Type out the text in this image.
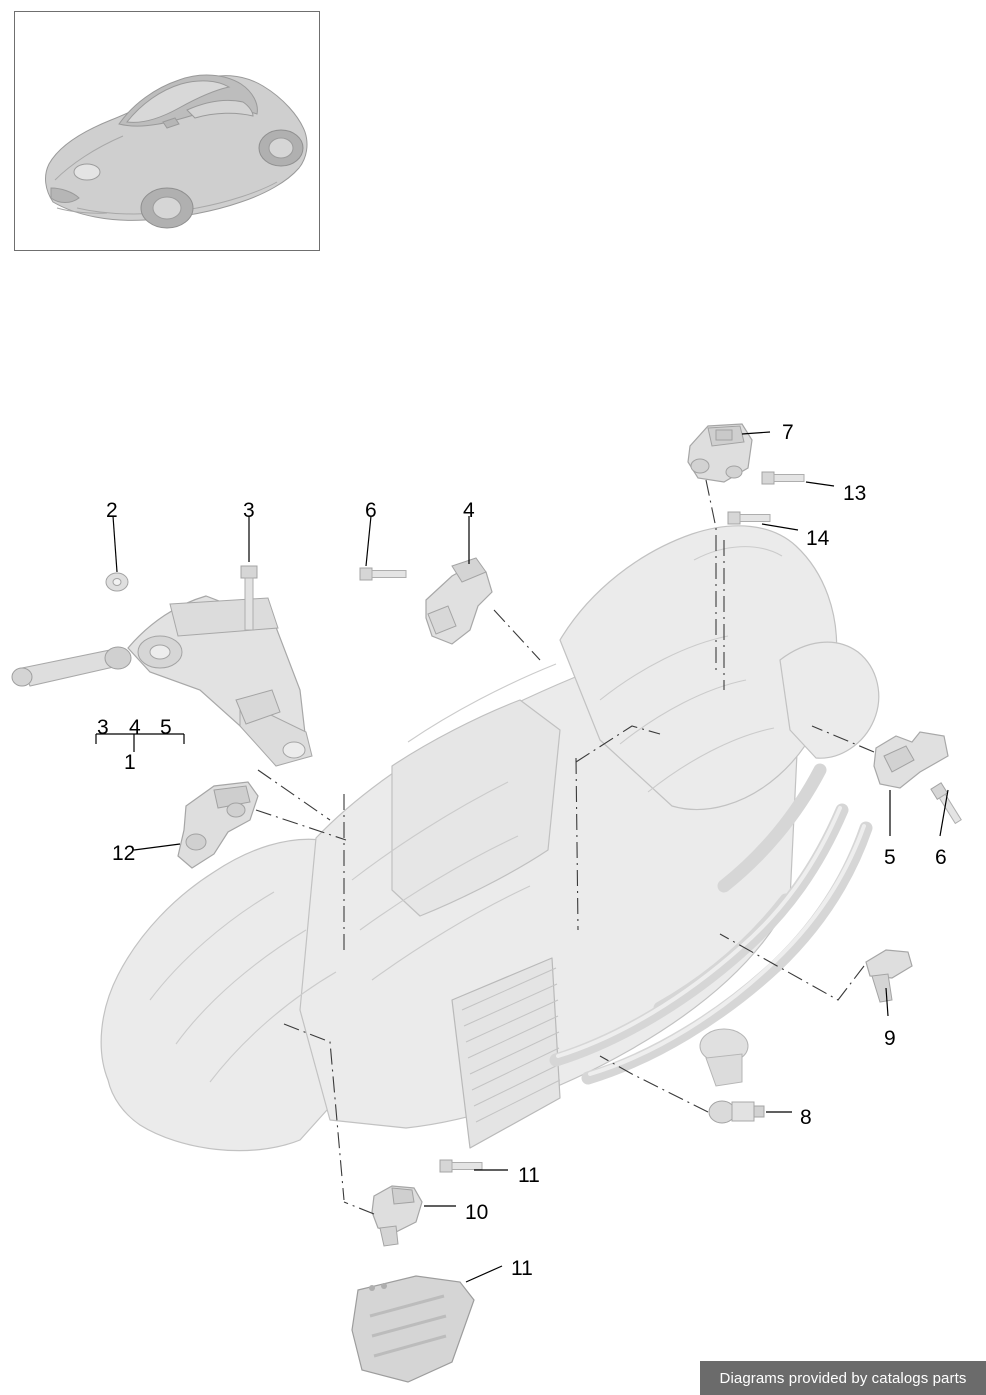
2	3	6	4
7
13
14
3 4 5
1
12	5 6
9
8
11
10
11
Diagrams provided by catalogs parts
